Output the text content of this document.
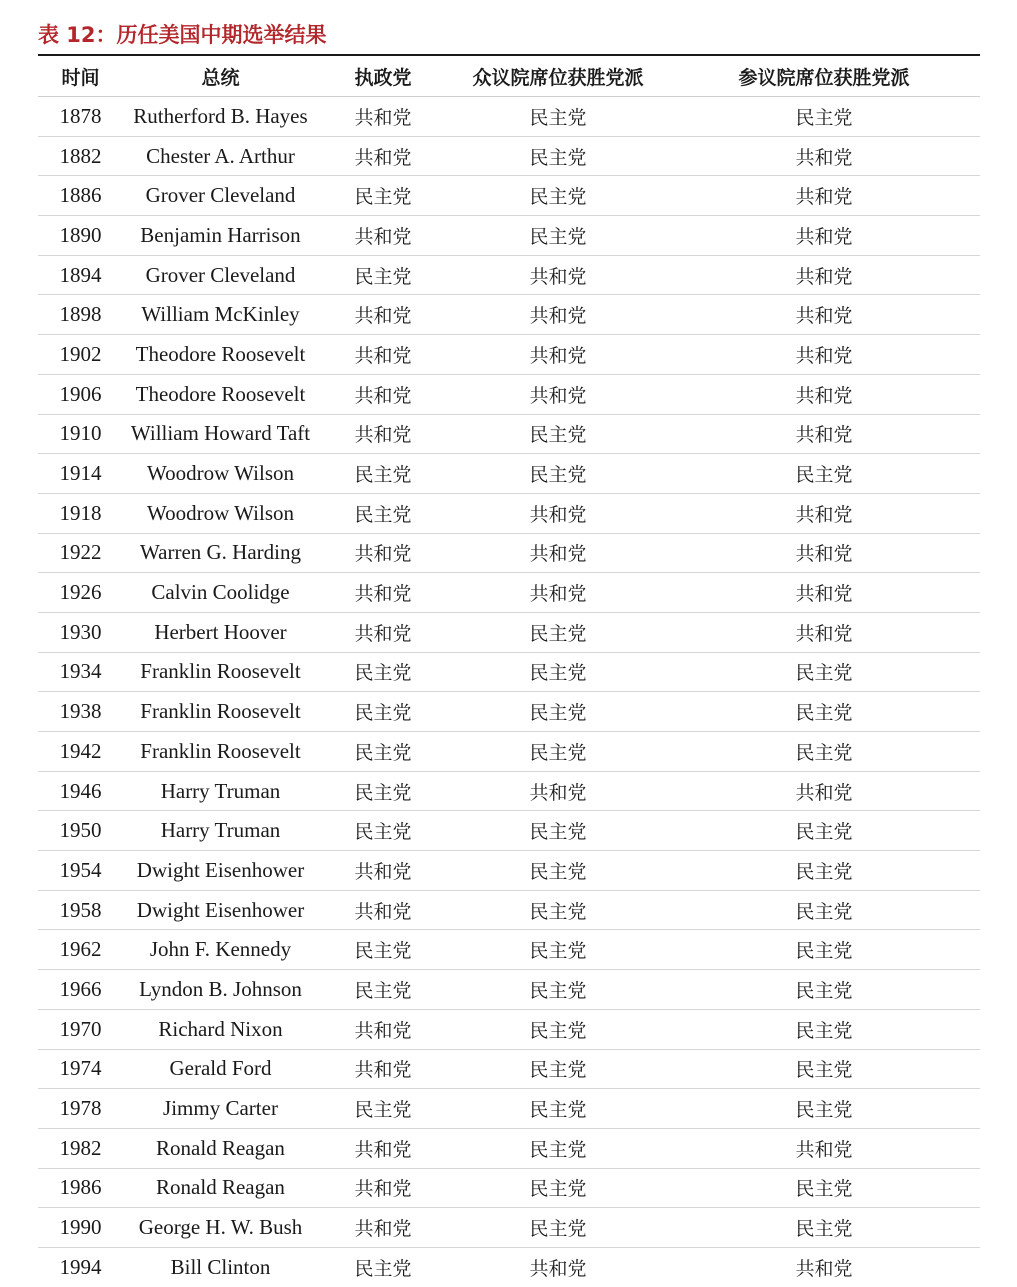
表 12：历任美国中期选举结果
时间	总统	执政党	众议院席位获胜党派	参议院席位获胜党派
1878	Rutherford B. Hayes	共和党	民主党	民主党
1882	Chester A. Arthur	共和党	民主党	共和党
1886	Grover Cleveland	民主党	民主党	共和党
1890	Benjamin Harrison	共和党	民主党	共和党
1894	Grover Cleveland	民主党	共和党	共和党
1898	William McKinley	共和党	共和党	共和党
1902	Theodore Roosevelt	共和党	共和党	共和党
1906	Theodore Roosevelt	共和党	共和党	共和党
1910	William Howard Taft	共和党	民主党	共和党
1914	Woodrow Wilson	民主党	民主党	民主党
1918	Woodrow Wilson	民主党	共和党	共和党
1922	Warren G. Harding	共和党	共和党	共和党
1926	Calvin Coolidge	共和党	共和党	共和党
1930	Herbert Hoover	共和党	民主党	共和党
1934	Franklin Roosevelt	民主党	民主党	民主党
1938	Franklin Roosevelt	民主党	民主党	民主党
1942	Franklin Roosevelt	民主党	民主党	民主党
1946	Harry Truman	民主党	共和党	共和党
1950	Harry Truman	民主党	民主党	民主党
1954	Dwight Eisenhower	共和党	民主党	民主党
1958	Dwight Eisenhower	共和党	民主党	民主党
1962	John F. Kennedy	民主党	民主党	民主党
1966	Lyndon B. Johnson	民主党	民主党	民主党
1970	Richard Nixon	共和党	民主党	民主党
1974	Gerald Ford	共和党	民主党	民主党
1978	Jimmy Carter	民主党	民主党	民主党
1982	Ronald Reagan	共和党	民主党	共和党
1986	Ronald Reagan	共和党	民主党	民主党
1990	George H. W. Bush	共和党	民主党	民主党
1994	Bill Clinton	民主党	共和党	共和党
